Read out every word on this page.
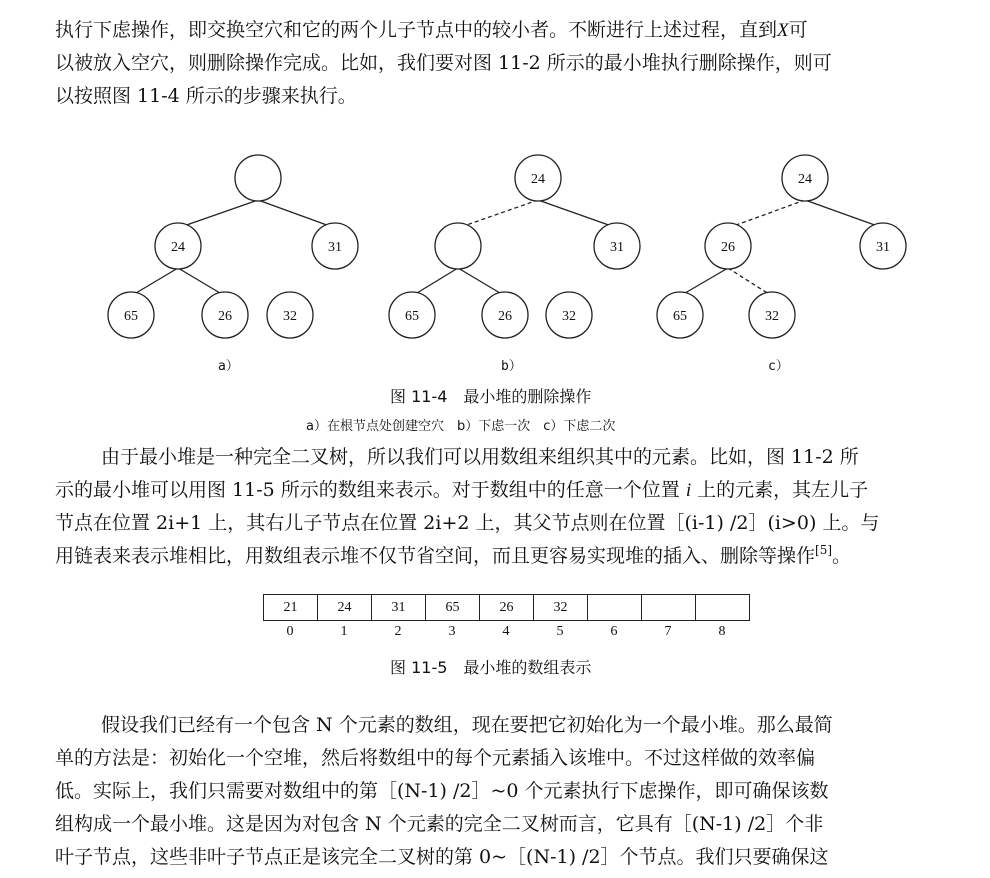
执行下虑操作，即交换空穴和它的两个儿子节点中的较小者。不断进行上述过程，直到X可
以被放入空穴，则删除操作完成。比如，我们要对图 11-2 所示的最小堆执行删除操作，则可
以按照图 11-4 所示的步骤来执行。
24	31
65	26	32
24
31
65	26	32
24
26	31
65	32
a）	b）	c）
图 11-4　最小堆的删除操作
a）在根节点处创建空穴　b）下虑一次　c）下虑二次
由于最小堆是一种完全二叉树，所以我们可以用数组来组织其中的元素。比如，图 11-2 所
示的最小堆可以用图 11-5 所示的数组来表示。对于数组中的任意一个位置 i 上的元素，其左儿子
节点在位置 2i+1 上，其右儿子节点在位置 2i+2 上，其父节点则在位置［(i-1) /2］(i>0) 上。与
用链表来表示堆相比，用数组表示堆不仅节省空间，而且更容易实现堆的插入、删除等操作[5]。
21	24	31	65	26	32
0	1	2	3	4	5	6	7	8
图 11-5　最小堆的数组表示
假设我们已经有一个包含 N 个元素的数组，现在要把它初始化为一个最小堆。那么最简
单的方法是：初始化一个空堆，然后将数组中的每个元素插入该堆中。不过这样做的效率偏
低。实际上，我们只需要对数组中的第［(N-1) /2］~0 个元素执行下虑操作，即可确保该数
组构成一个最小堆。这是因为对包含 N 个元素的完全二叉树而言，它具有［(N-1) /2］个非
叶子节点，这些非叶子节点正是该完全二叉树的第 0~［(N-1) /2］个节点。我们只要确保这
